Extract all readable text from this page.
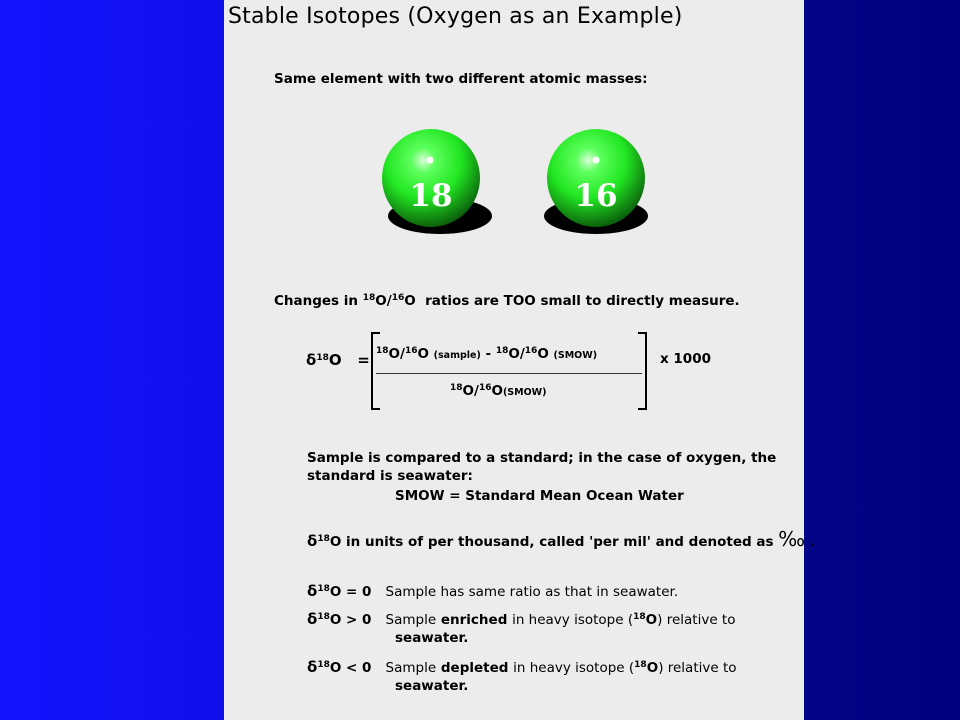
Stable Isotopes (Oxygen as an Example)
Same element with two different atomic masses:
18	16
Changes in $^{18}$O/$^{16}$O ratios are TOO small to directly measure.
$\delta^{18}O = ^{18}O/^{16}O$ (sample) - $^{18}$O/$^{16}$O (SMOW)
$^{18}$O/$^{16}$O(SMOW)
x 1000
Sample is compared to a standard; in the case of oxygen, the
standard is seawater:
SMOW = Standard Mean Ocean Water
$\delta^{18}O$ in units of per thousand, called 'per mil' and denoted as ‰ .
$\delta^{18}O = 0$ Sample has same ratio as that in seawater.
$\delta^{18}O > 0$ Sample enriched in heavy isotope ($^{18}$O) relative to
seawater.
$\delta^{18}O < 0$ Sample depleted in heavy isotope ($^{18}$O) relative to
seawater.
